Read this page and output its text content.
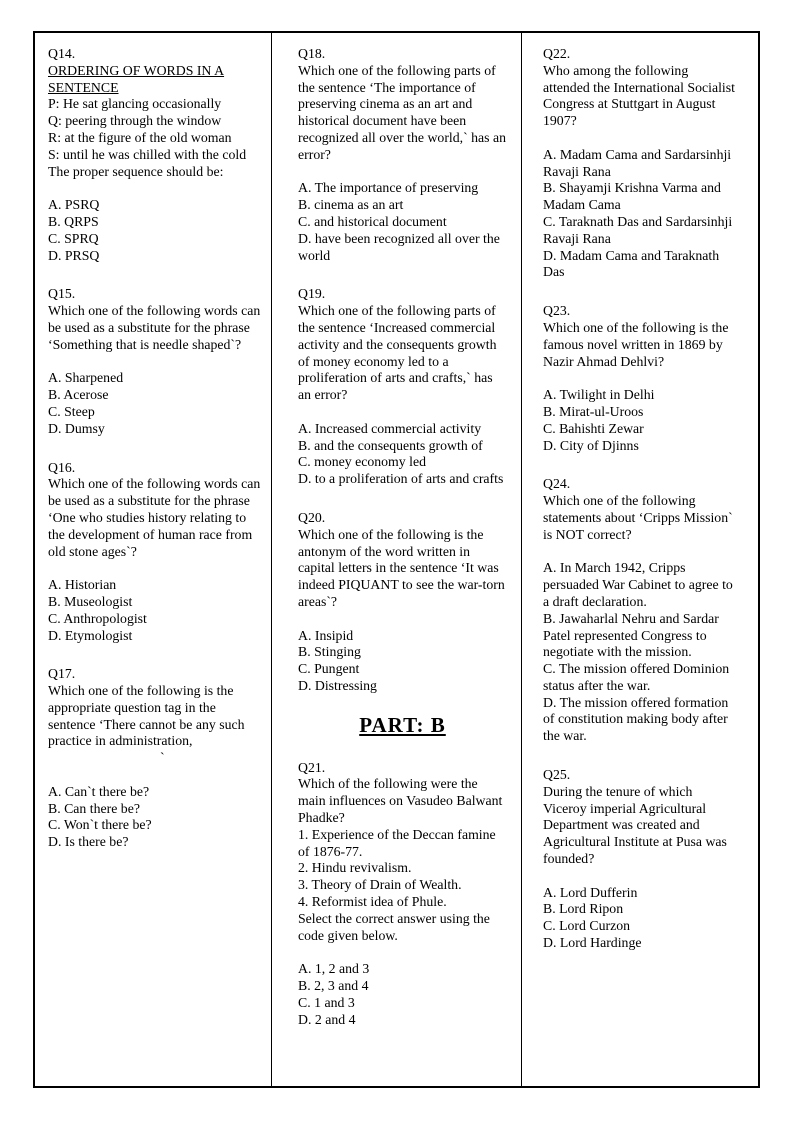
Q14.
ORDERING OF WORDS IN A SENTENCE

P: He sat glancing occasionally

Q: peering through the window

R: at the figure of the old woman

S: until he was chilled with the cold

The proper sequence should be:

A. PSRQ

B. QRPS

C. SPRQ

D. PRSQ

Q15.

Which one of the following words can be used as a substitute for the phrase ‘Something that is needle shaped`?

A. Sharpened

B. Acerose

C. Steep

D. Dumsy

Q16.

Which one of the following words can be used as a substitute for the phrase ‘One who studies history relating to the development of human race from old stone ages`?

A. Historian

B. Museologist

C. Anthropologist

D. Etymologist

Q17.

Which one of the following is the appropriate question tag in the sentence ‘There cannot be any such practice in administration,

`

A. Can`t there be?

B. Can there be?

C. Won`t there be?

D. Is there be?

Q18.

Which one of the following parts of the sentence ‘The importance of preserving cinema as an art and historical document have been recognized all over the world,` has an error?

A. The importance of preserving

B. cinema as an art

C. and historical document

D. have been recognized all over the world

Q19.

Which one of the following parts of the sentence ‘Increased commercial activity and the consequents growth of money economy led to a proliferation of arts and crafts,` has an error?

A. Increased commercial activity

B. and the consequents growth of

C. money economy led

D. to a proliferation of arts and crafts

Q20.

Which one of the following is the antonym of the word written in capital letters in the sentence ‘It was indeed PIQUANT to see the war-torn areas`?

A. Insipid

B. Stinging

C. Pungent

D. Distressing

PART: B
Q21.

Which of the following were the main influences on Vasudeo Balwant Phadke?

1. Experience of the Deccan famine of 1876-77.

2. Hindu revivalism.

3. Theory of Drain of Wealth.

4. Reformist idea of Phule.

Select the correct answer using the code given below.

A. 1, 2 and 3

B. 2, 3 and 4

C. 1 and 3

D. 2 and 4

Q22.

Who among the following attended the International Socialist Congress at Stuttgart in August 1907?

A. Madam Cama and Sardarsinhji Ravaji Rana

B. Shayamji Krishna Varma and Madam Cama

C. Taraknath Das and Sardarsinhji Ravaji Rana

D. Madam Cama and Taraknath Das

Q23.

Which one of the following is the famous novel written in 1869 by Nazir Ahmad Dehlvi?

A. Twilight in Delhi

B. Mirat-ul-Uroos

C. Bahishti Zewar

D. City of Djinns

Q24.

Which one of the following statements about ‘Cripps Mission` is NOT correct?

A. In March 1942, Cripps persuaded War Cabinet to agree to a draft declaration.

B. Jawaharlal Nehru and Sardar Patel represented Congress to negotiate with the mission.

C. The mission offered Dominion status after the war.

D. The mission offered formation of constitution making body after the war.

Q25.

During the tenure of which Viceroy imperial Agricultural Department was created and Agricultural Institute at Pusa was founded?

A. Lord Dufferin

B. Lord Ripon

C. Lord Curzon

D. Lord Hardinge
